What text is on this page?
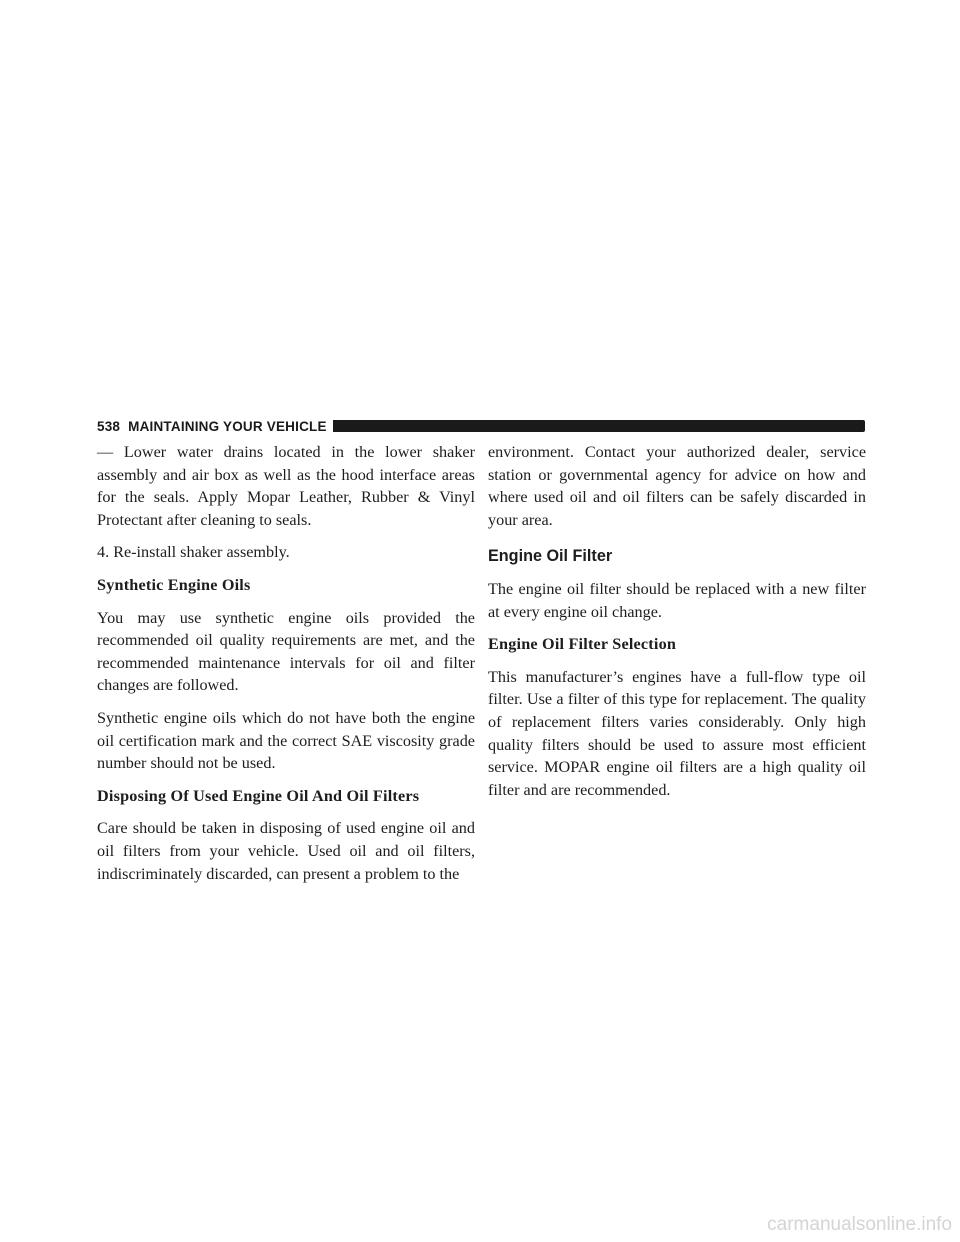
538 MAINTAINING YOUR VEHICLE

— Lower water drains located in the lower shaker assembly and air box as well as the hood interface areas for the seals. Apply Mopar Leather, Rubber & Vinyl Protectant after cleaning to seals.

4. Re-install shaker assembly.

Synthetic Engine Oils

You may use synthetic engine oils provided the recommended oil quality requirements are met, and the recommended maintenance intervals for oil and filter changes are followed.

Synthetic engine oils which do not have both the engine oil certification mark and the correct SAE viscosity grade number should not be used.

Disposing Of Used Engine Oil And Oil Filters

Care should be taken in disposing of used engine oil and oil filters from your vehicle. Used oil and oil filters, indiscriminately discarded, can present a problem to the

environment. Contact your authorized dealer, service station or governmental agency for advice on how and where used oil and oil filters can be safely discarded in your area.

Engine Oil Filter

The engine oil filter should be replaced with a new filter at every engine oil change.

Engine Oil Filter Selection

This manufacturer’s engines have a full-flow type oil filter. Use a filter of this type for replacement. The quality of replacement filters varies considerably. Only high quality filters should be used to assure most efficient service. MOPAR engine oil filters are a high quality oil filter and are recommended.

carmanualsonline.info
